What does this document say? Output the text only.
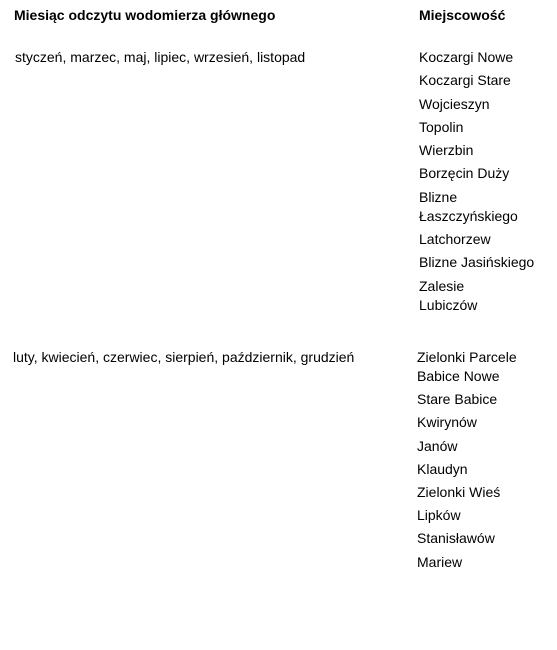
Miesiąc odczytu wodomierza głównego	Miejscowość
styczeń, marzec, maj, lipiec, wrzesień, listopad	Koczargi Nowe
Koczargi Stare
Wojcieszyn
Topolin
Wierzbin
Borzęcin Duży
Blizne Łaszczyńskiego
Latchorzew
Blizne Jasińskiego
Zalesie Lubiczów
luty, kwiecień, czerwiec, sierpień, październik, grudzień	Zielonki Parcele
Babice Nowe
Stare Babice
Kwirynów
Janów
Klaudyn
Zielonki Wieś
Lipków
Stanisławów
Mariew
